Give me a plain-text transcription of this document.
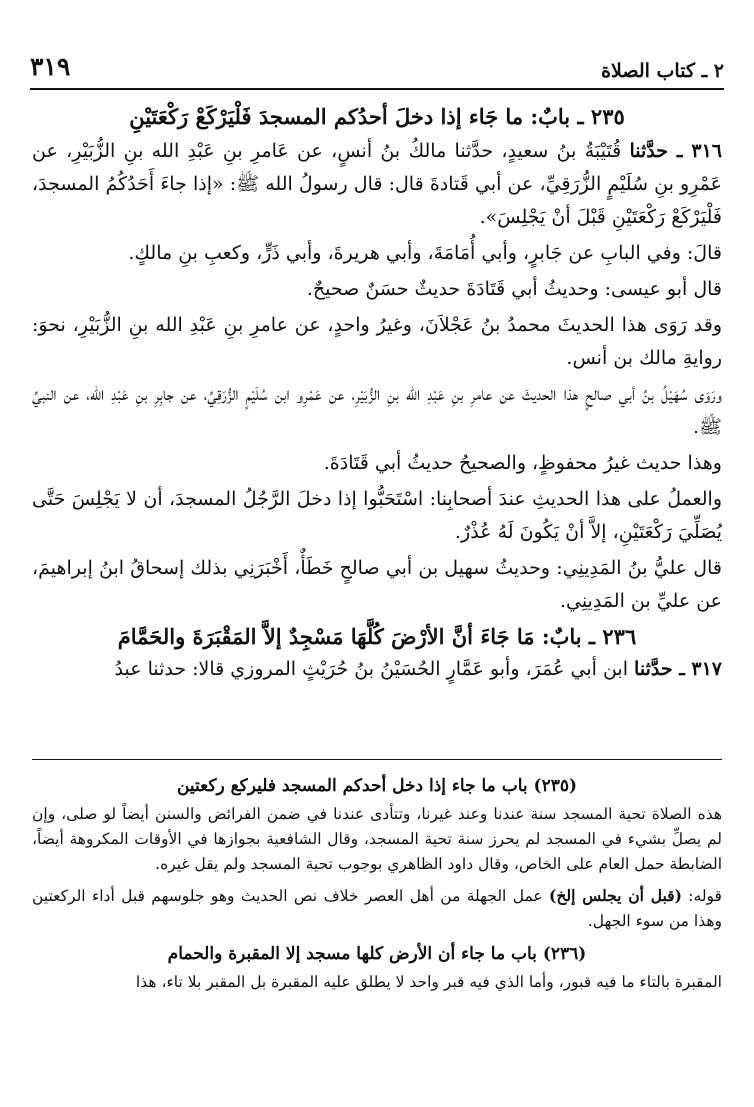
٢ ـ كتاب الصلاة
٣١٩
٢٣٥ ـ بابٌ: ما جَاء إذا دخلَ أحدُكم المسجدَ فَلْيَرْكَعْ رَكْعَتَيْنِ

٣١٦ ـ حدَّثنا قُتَيْبَةُ بنُ سعيدٍ، حدَّثنا مالكُ بنُ أنسٍ، عن عَامرِ بنِ عَبْدِ الله بنِ الزُّبَيْرِ، عن عَمْرِو بنِ سُلَيْمٍ الزُّرَقِيِّ، عن أبي قَتادةَ قال: قال رسولُ الله ﷺ: «إذا جاءَ أَحَدُكُمُ المسجدَ، فَلْيَرْكَعْ رَكْعَتَيْنِ قَبْلَ أنْ يَجْلِسَ».

قالَ: وفي البابِ عن جَابرٍ، وأبي أُمَامَةَ، وأبي هريرةَ، وأبي ذَرٍّ، وكعبِ بنِ مالكٍ.

قال أبو عيسى: وحديثُ أبي قَتَادَةَ حديثٌ حسَنٌ صحيحٌ.

وقد رَوَى هذا الحديثَ محمدُ بنُ عَجْلاَنَ، وغيرُ واحدٍ، عن عامرِ بنِ عَبْدِ الله بنِ الزُّبَيْرِ، نحوَ: روايةِ مالك بن أنس.

ورَوَى سُهَيْلُ بنُ أبي صالحٍ هذا الحديثَ عن عامرِ بنِ عَبْدِ الله بنِ الزُّبَيْرِ، عن عَمْرِو ابن سُلَيْمٍ الزُّرَقِيِّ، عن جابِرِ بنِ عَبْدِ الله، عن النبيِّ ﷺ.

وهذا حديث غيرُ محفوظٍ، والصحيحُ حديثُ أبي قَتَادَةَ.

والعملُ على هذا الحديثِ عندَ أصحابِنا: اسْتَحَبُّوا إذا دخلَ الرَّجُلُ المسجدَ، أن لا يَجْلِسَ حَتَّى يُصَلِّيَ رَكْعَتَيْنِ، إلاَّ أنْ يَكُونَ لَهُ عُذْرٌ.

قال عليُّ بنُ المَدِينِي: وحديثُ سهيل بن أبي صالحٍ خَطَأٌ، أَخْبَرَنِي بذلك إسحاقُ ابنُ إبراهيمَ، عن عليِّ بن المَدِينِي.

٢٣٦ ـ بابٌ: مَا جَاءَ أنَّ الأرْضَ كُلَّهَا مَسْجِدٌ إلاَّ المَقْبَرَةَ والحَمَّامَ

٣١٧ ـ حدَّثنا ابن أبي عُمَرَ، وأبو عَمَّارٍ الحُسَيْنُ بنُ حُرَيْثٍ المروزي قالا: حدثنا عبدُ

(٢٣٥) باب ما جاء إذا دخل أحدكم المسجد فليركع ركعتين

هذه الصلاة تحية المسجد سنة عندنا وعند غيرنا، وتتأدى عندنا في ضمن الفرائض والسنن أيضاً لو صلى، وإن لم يصلِّ بشيء في المسجد لم يحرز سنة تحية المسجد، وقال الشافعية بجوازها في الأوقات المكروهة أيضاً، الضابطة حمل العام على الخاص، وقال داود الظاهري بوجوب تحية المسجد ولم يقل غيره.

قوله: (قبل أن يجلس إلخ) عمل الجهلة من أهل العصر خلاف نص الحديث وهو جلوسهم قبل أداء الركعتين وهذا من سوء الجهل.

(٢٣٦) باب ما جاء أن الأرض كلها مسجد إلا المقبرة والحمام

المقبرة بالتاء ما فيه قبور، وأما الذي فيه قبر واحد لا يطلق عليه المقبرة بل المقبر بلا تاء، هذا
